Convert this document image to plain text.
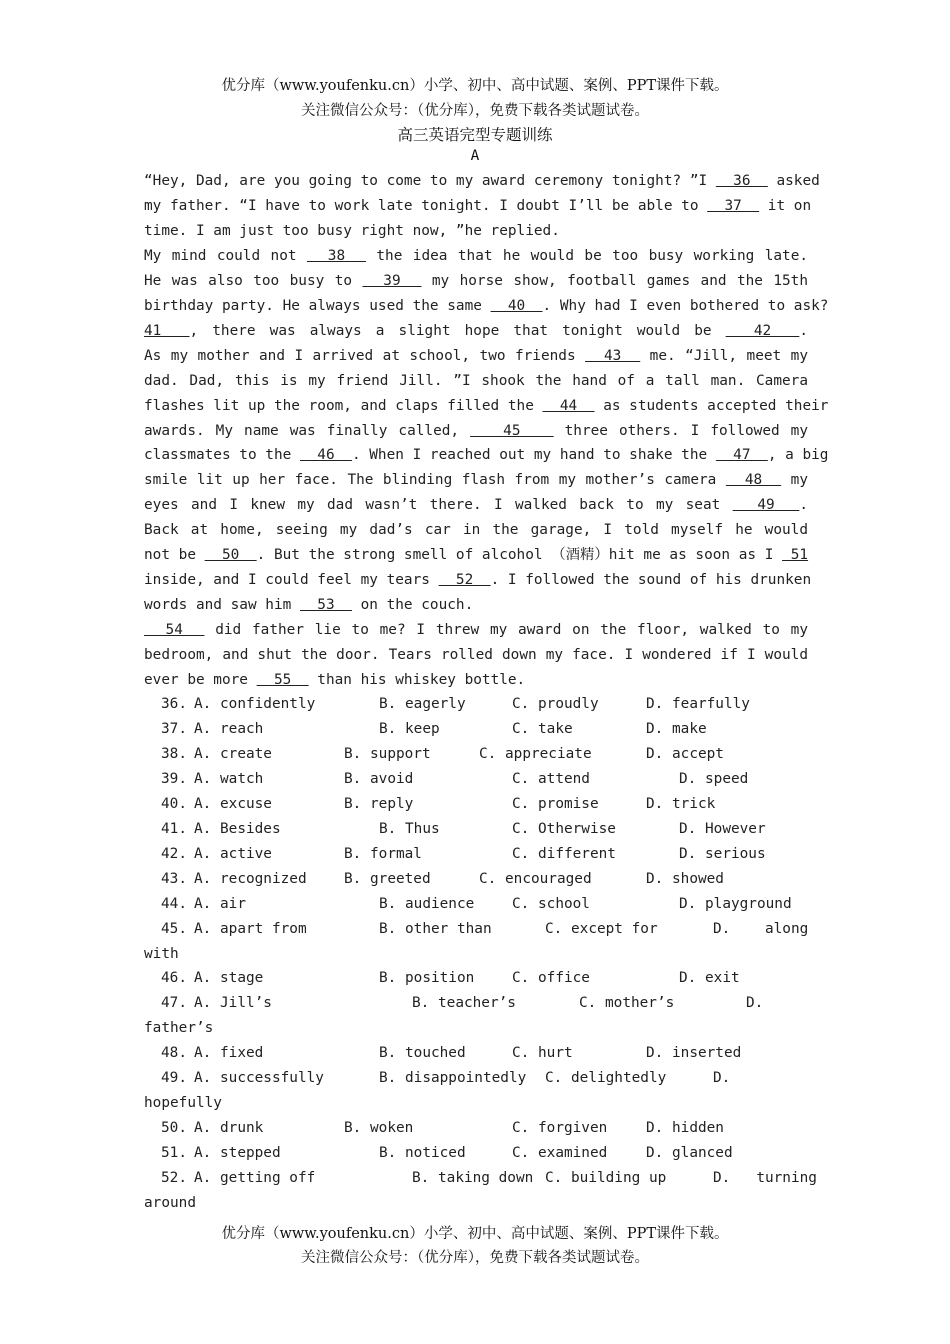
优分库（www.youfenku.cn）小学、初中、高中试题、案例、PPT课件下载。
关注微信公众号：（优分库），免费下载各类试题试卷。
高三英语完型专题训练
A
“Hey, Dad, are you going to come to my award ceremony tonight? ”I   36   asked
my father. “I have to work late tonight. I doubt I’ll be able to   37   it on
time. I am just too busy right now, ”he replied.
My mind could not   38   the idea that he would be too busy working late.
He was also too busy to   39   my horse show, football games and the 15th
birthday party. He always used the same   40  . Why had I even bothered to ask?
41  , there was always a slight hope that tonight would be   42  .
As my mother and I arrived at school, two friends   43   me. “Jill, meet my
dad. Dad, this is my friend Jill. ”I shook the hand of a tall man. Camera
flashes lit up the room, and claps filled the   44   as students accepted their
awards. My name was finally called,    45    three others. I followed my
classmates to the   46  . When I reached out my hand to shake the   47  , a big
smile lit up her face. The blinding flash from my mother’s camera   48   my
eyes and I knew my dad wasn’t there. I walked back to my seat   49  .
Back at home, seeing my dad’s car in the garage, I told myself he would
not be   50  . But the strong smell of alcohol （酒精）hit me as soon as I  51
inside, and I could feel my tears   52  . I followed the sound of his drunken
words and saw him   53   on the couch.
54   did father lie to me? I threw my award on the floor, walked to my
bedroom, and shut the door. Tears rolled down my face. I wondered if I would
ever be more   55   than his whiskey bottle.
36. A. confidently	B. eagerly	C. proudly	D. fearfully
37. A. reach	B. keep	C. take	D. make
38. A. create	B. support	C. appreciate	D. accept
39. A. watch	B. avoid	C. attend	D. speed
40. A. excuse	B. reply	C. promise	D. trick
41. A. Besides	B. Thus	C. Otherwise	D. However
42. A. active	B. formal	C. different	D. serious
43. A. recognized	B. greeted	C. encouraged	D. showed
44. A. air	B. audience	C. school	D. playground
45. A. apart from	B. other than	C. except for	D.    along
with
46. A. stage	B. position	C. office	D. exit
47. A. Jill’s	B. teacher’s	C. mother’s	D.
father’s
48. A. fixed	B. touched	C. hurt	D. inserted
49. A. successfully	B. disappointedly C. delightedly	D.
hopefully
50. A. drunk	B. woken	C. forgiven	D. hidden
51. A. stepped	B. noticed	C. examined	D. glanced
52. A. getting off	B. taking down C. building up	D.   turning
around
优分库（www.youfenku.cn）小学、初中、高中试题、案例、PPT课件下载。
关注微信公众号：（优分库），免费下载各类试题试卷。
